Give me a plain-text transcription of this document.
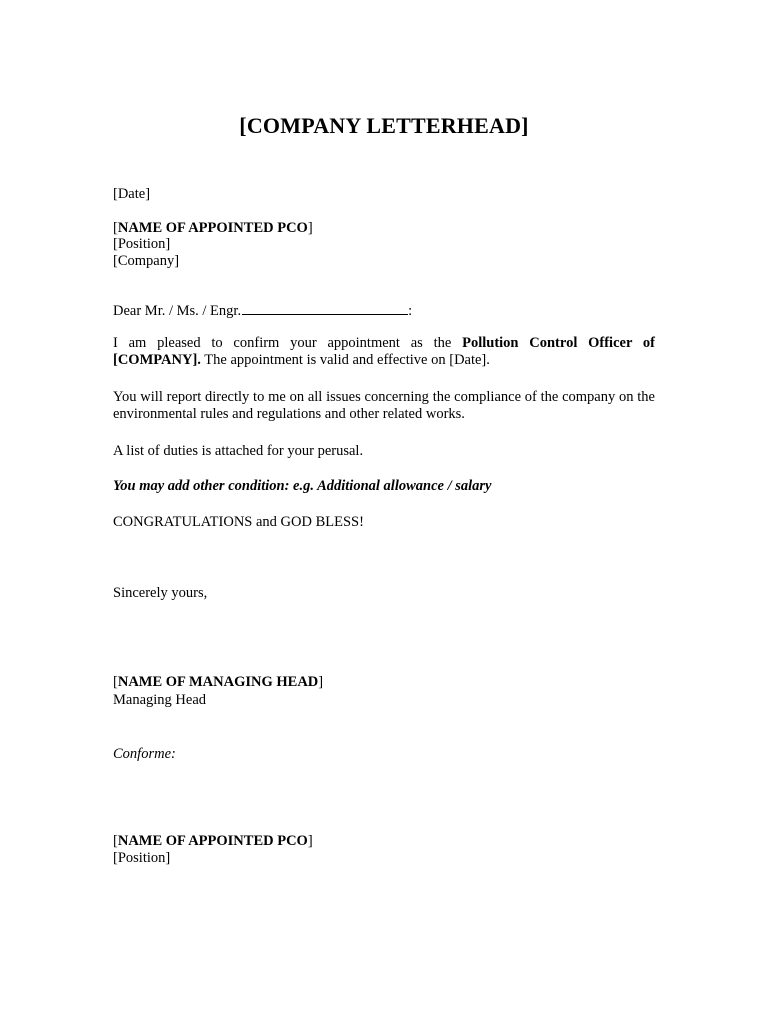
[COMPANY LETTERHEAD]
[Date]
[NAME OF APPOINTED PCO]
[Position]
[Company]
Dear Mr. / Ms. / Engr.	:
I am pleased to confirm your appointment as the Pollution Control Officer of [COMPANY]. The appointment is valid and effective on [Date].
You will report directly to me on all issues concerning the compliance of the company on the environmental rules and regulations and other related works.
A list of duties is attached for your perusal.
You may add other condition: e.g. Additional allowance / salary
CONGRATULATIONS and GOD BLESS!
Sincerely yours,
[NAME OF MANAGING HEAD]
Managing Head
Conforme:
[NAME OF APPOINTED PCO]
[Position]
